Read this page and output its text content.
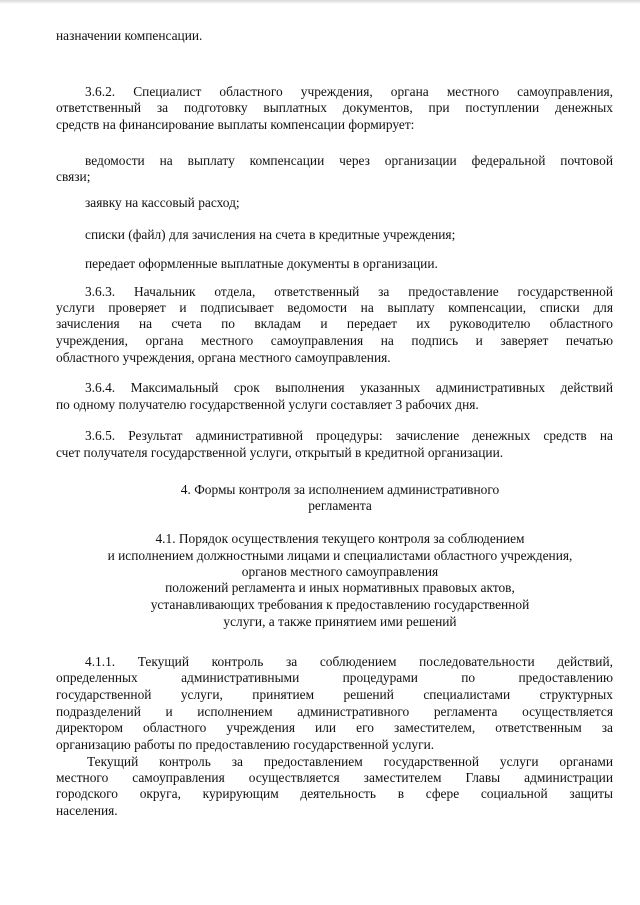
назначении компенсации.

3.6.2. Специалист областного учреждения, органа местного самоуправления,

ответственный за подготовку выплатных документов, при поступлении денежных

средств на финансирование выплаты компенсации формирует:

ведомости на выплату компенсации через организации федеральной почтовой

связи;

заявку на кассовый расход;

списки (файл) для зачисления на счета в кредитные учреждения;

передает оформленные выплатные документы в организации.

3.6.3. Начальник отдела, ответственный за предоставление государственной

услуги проверяет и подписывает ведомости на выплату компенсации, списки для

зачисления на счета по вкладам и передает их руководителю областного

учреждения, органа местного самоуправления на подпись и заверяет печатью

областного учреждения, органа местного самоуправления.

3.6.4. Максимальный срок выполнения указанных административных действий

по одному получателю государственной услуги составляет 3 рабочих дня.

3.6.5. Результат административной процедуры: зачисление денежных средств на

счет получателя государственной услуги, открытый в кредитной организации.

4. Формы контроля за исполнением административного

регламента

4.1. Порядок осуществления текущего контроля за соблюдением

и исполнением должностными лицами и специалистами областного учреждения,

органов местного самоуправления

положений регламента и иных нормативных правовых актов,

устанавливающих требования к предоставлению государственной

услуги, а также принятием ими решений

4.1.1. Текущий контроль за соблюдением последовательности действий,

определенных административными процедурами по предоставлению

государственной услуги, принятием решений специалистами структурных

подразделений и исполнением административного регламента осуществляется

директором областного учреждения или его заместителем, ответственным за

организацию работы по предоставлению государственной услуги.

Текущий контроль за предоставлением государственной услуги органами

местного самоуправления осуществляется заместителем Главы администрации

городского округа, курирующим деятельность в сфере социальной защиты

населения.
